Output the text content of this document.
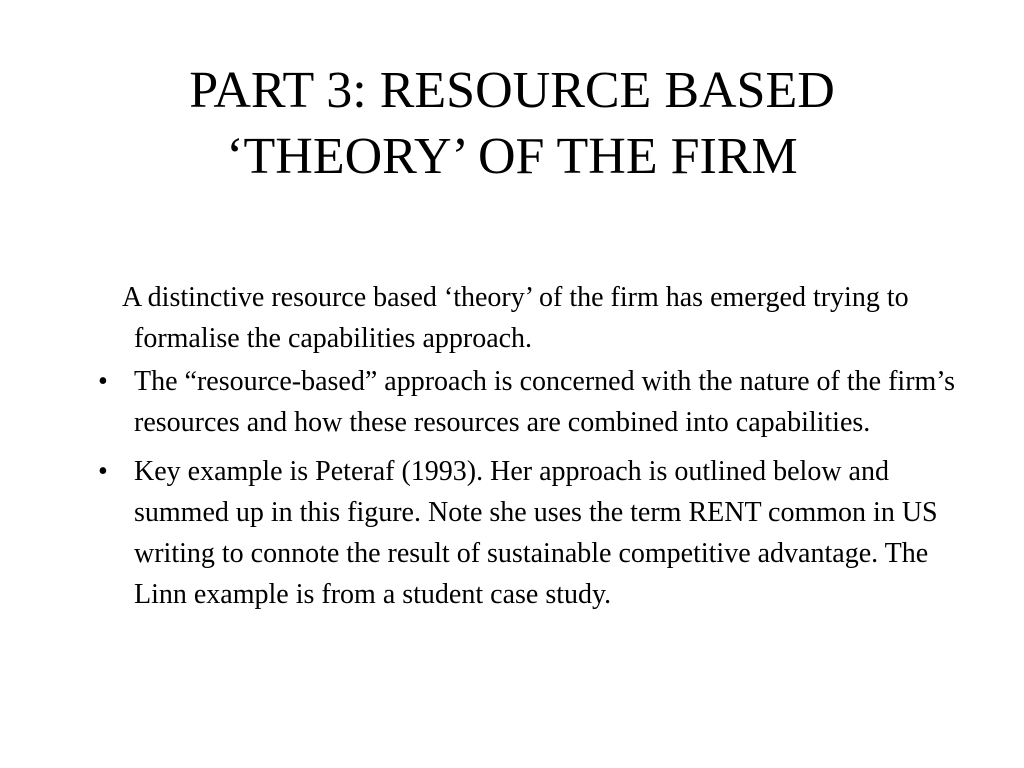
PART 3: RESOURCE BASED
‘THEORY’ OF THE FIRM

A distinctive resource based ‘theory’ of the firm has emerged trying to formalise the capabilities approach.

• The “resource-based” approach is concerned with the nature of the firm’s resources and how these resources are combined into capabilities.
• Key example is Peteraf (1993). Her approach is outlined below and summed up in this figure. Note she uses the term RENT common in US writing to connote the result of sustainable competitive advantage. The Linn example is from a student case study.
